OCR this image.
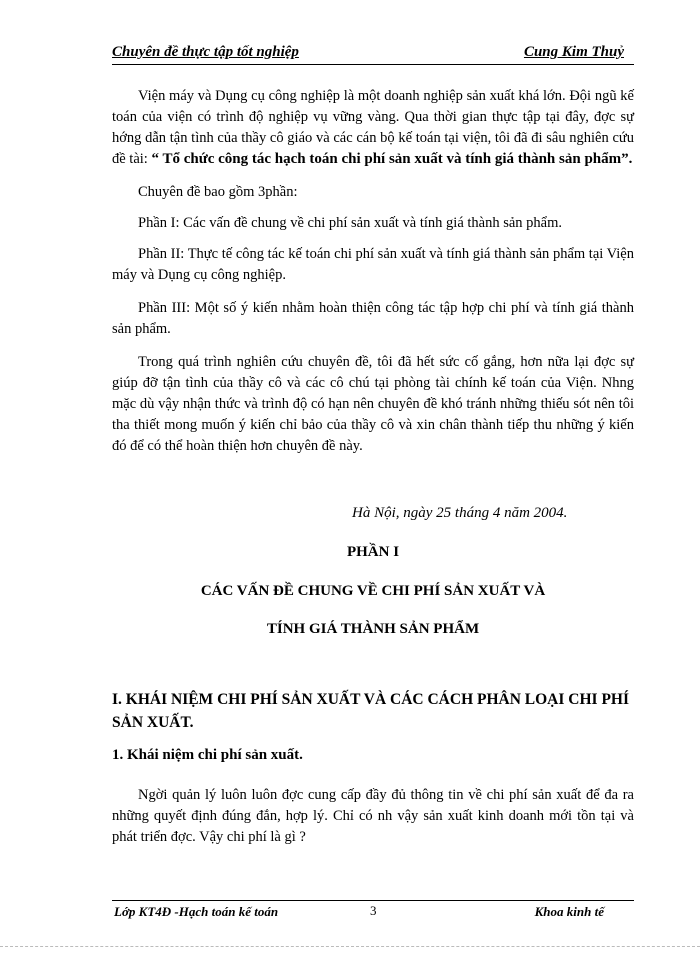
Chuyên đề thực tập tốt nghiệp	Cung Kim Thuỷ

Viện máy và Dụng cụ công nghiệp là một doanh nghiệp sản xuất khá lớn. Đội ngũ kế toán của viện có trình độ nghiệp vụ vững vàng. Qua thời gian thực tập tại đây, đợc sự hớng dẫn tận tình của thầy cô giáo và các cán bộ kế toán tại viện, tôi đã đi sâu nghiên cứu đề tài: “ Tổ chức công tác hạch toán chi phí sản xuất và tính giá thành sản phẩm”.

Chuyên đề bao gồm 3phần:

Phần I: Các vấn đề chung về chi phí sản xuất và tính giá thành sản phẩm.

Phần II: Thực tế công tác kế toán chi phí sản xuất và tính giá thành sản phẩm tại Viện máy và Dụng cụ công nghiệp.

Phần III: Một số ý kiến nhằm hoàn thiện công tác tập hợp chi phí và tính giá thành sản phẩm.

Trong quá trình nghiên cứu chuyên đề, tôi đã hết sức cố gắng, hơn nữa lại đợc sự giúp đỡ tận tình của thầy cô và các cô chú tại phòng tài chính kế toán của Viện. Nhng mặc dù vậy nhận thức và trình độ có hạn nên chuyên đề khó tránh những thiếu sót nên tôi tha thiết mong muốn ý kiến chỉ bảo của thầy cô và xin chân thành tiếp thu những ý kiến đó để có thể hoàn thiện hơn chuyên đề này.

Hà Nội, ngày 25 tháng 4 năm 2004.
PHẦN I
CÁC VẤN ĐỀ CHUNG VỀ CHI PHÍ SẢN XUẤT VÀ
TÍNH GIÁ THÀNH SẢN PHẨM
I. KHÁI NIỆM CHI PHÍ SẢN XUẤT VÀ CÁC CÁCH PHÂN LOẠI CHI PHÍ SẢN XUẤT.
1. Khái niệm chi phí sản xuất.
Ngời quản lý luôn luôn đợc cung cấp đầy đủ thông tin về chi phí sản xuất để đa ra những quyết định đúng đắn, hợp lý. Chỉ có nh vậy sản xuất kinh doanh mới tồn tại và phát triển đợc. Vậy chi phí là gì ?
Lớp KT4Đ -Hạch toán kế toán	3	Khoa kinh tế
